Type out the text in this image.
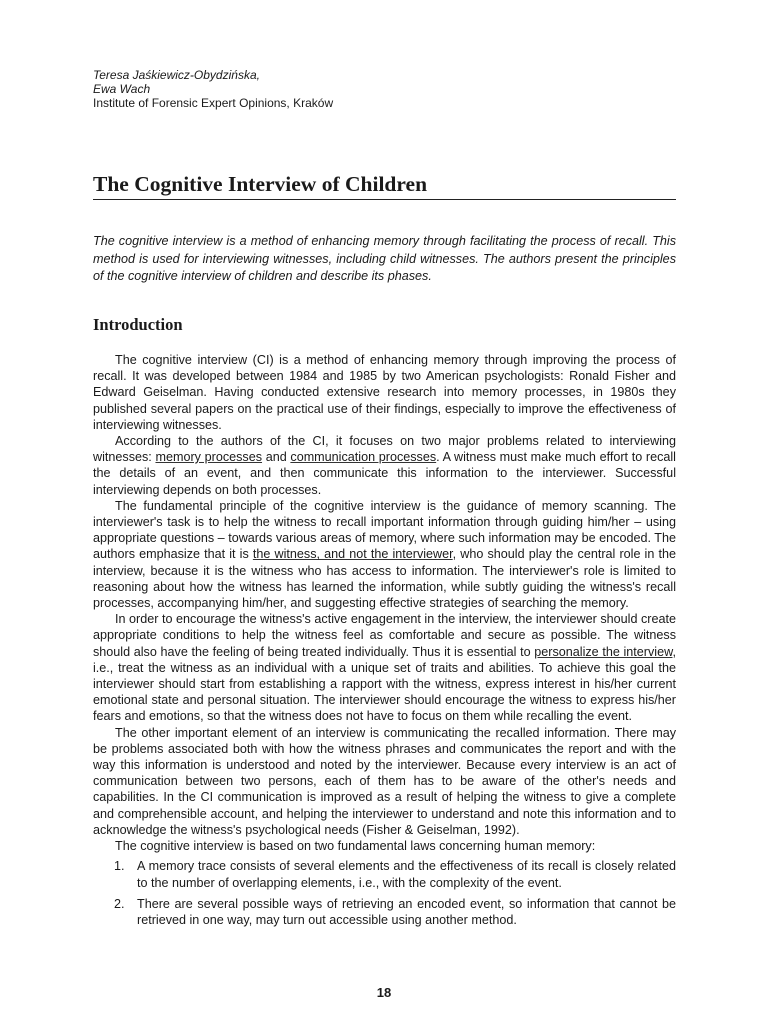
Teresa Jaśkiewicz-Obydzińska,
Ewa Wach
Institute of Forensic Expert Opinions, Kraków
The Cognitive Interview of Children
The cognitive interview is a method of enhancing memory through facilitating the process of recall. This method is used for interviewing witnesses, including child witnesses. The authors present the principles of the cognitive interview of children and describe its phases.
Introduction

The cognitive interview (CI) is a method of enhancing memory through improving the process of recall. It was developed between 1984 and 1985 by two American psychologists: Ronald Fisher and Edward Geiselman. Having conducted extensive research into memory processes, in 1980s they published several papers on the practical use of their findings, especially to improve the effectiveness of interviewing witnesses.

According to the authors of the CI, it focuses on two major problems related to interviewing witnesses: memory processes and communication processes. A witness must make much effort to recall the details of an event, and then communicate this information to the interviewer. Successful interviewing depends on both processes.

The fundamental principle of the cognitive interview is the guidance of memory scanning. The interviewer's task is to help the witness to recall important information through guiding him/her – using appropriate questions – towards various areas of memory, where such information may be encoded. The authors emphasize that it is the witness, and not the interviewer, who should play the central role in the interview, because it is the witness who has access to information. The interviewer's role is limited to reasoning about how the witness has learned the information, while subtly guiding the witness's recall processes, accompanying him/her, and suggesting effective strategies of searching the memory.

In order to encourage the witness's active engagement in the interview, the interviewer should create appropriate conditions to help the witness feel as comfortable and secure as possible. The witness should also have the feeling of being treated individually. Thus it is essential to personalize the interview, i.e., treat the witness as an individual with a unique set of traits and abilities. To achieve this goal the interviewer should start from establishing a rapport with the witness, express interest in his/her current emotional state and personal situation. The interviewer should encourage the witness to express his/her fears and emotions, so that the witness does not have to focus on them while recalling the event.

The other important element of an interview is communicating the recalled information. There may be problems associated both with how the witness phrases and communicates the report and with the way this information is understood and noted by the interviewer. Because every interview is an act of communication between two persons, each of them has to be aware of the other's needs and capabilities. In the CI communication is improved as a result of helping the witness to give a complete and comprehensible account, and helping the interviewer to understand and note this information and to acknowledge the witness's psychological needs (Fisher & Geiselman, 1992).

The cognitive interview is based on two fundamental laws concerning human memory:

1. A memory trace consists of several elements and the effectiveness of its recall is closely related to the number of overlapping elements, i.e., with the complexity of the event.
2. There are several possible ways of retrieving an encoded event, so information that cannot be retrieved in one way, may turn out accessible using another method.
18
